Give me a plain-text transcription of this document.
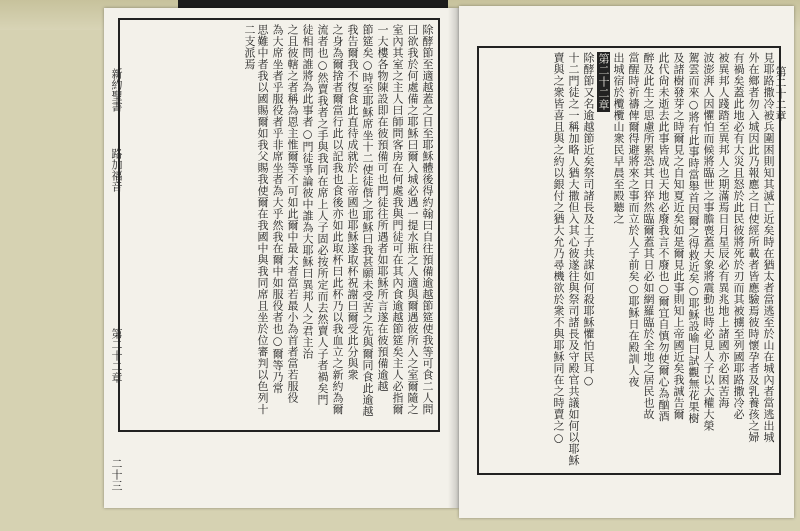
除酵節至適越蓋之日至耶穌體後得約翰曰自往預備逾越節筵使我等可食二人問
曰欲我於何處備之耶穌曰爾入城必遇一提水瓶之人適與爾遇彼所入之室爾隨之
室內其室之主人曰師問客房在何處我與門徒可在其內食逾越節筵矣主人必指爾
一大樓各物陳設即在彼預備可也門徒往所遇者如耶穌所言遂在彼預備逾越
節筵矣○時至耶穌席坐十二使徒偕之耶穌曰我甚願未受苦之先與爾同食此逾越
我告爾我不復食此直待成就於上帝國也耶穌遂取杯祝謝曰爾受此分與衆
之身為爾捨者爾當行此以記我也食後亦如此取杯曰此杯乃以我血立之新約為爾
流者也○然賣我者之手與我同在席上人子固必按所定而去然賣人子者禍矣門
徒相問誰將為此事者○門徒爭論彼中誰為大耶穌曰異邦人之君主治
之且彼轄之者稱為恩主惟爾等不可如此爾中最大者當若最小為首者當若服役
為大席坐者乎服役者乎非席坐者為大乎然我在爾中如服役者也○爾等乃常
思難中者我以國賜爾如我父賜我使爾在我國中與我同席且坐於位審判以色列十二支派焉
新約聖書
路加福音
第二十二章
二十三
第二十二章
見耶路撒冷被兵圍困則知其滅亡近矣時在猶太者當逃至於山在城內者當逃出城
外在鄉者勿入城因此乃報應之日使經所載者皆應驗焉彼時懷孕者及乳養孩之婦
有禍矣蓋此地必有大災且怒於此民彼將死於刃而其被擄至列國耶路撒冷必
被異邦人踐踏至異邦人之期滿焉日月星辰必有異兆地上諸國亦必困苦海
波澎湃人因懼怕而候將臨世之事膽喪蓋天象將震動也時必見人子以大權大榮
駕雲而來○將有此事時當舉首因爾之得救近矣○耶穌設喻曰試觀無花果樹
及諸樹發芽之時爾見之自知夏近矣如是爾見此事則知上帝國近矣我誠告爾
此代尙未逝去此事皆成也天地必廢我言不廢也○爾宜自慎勿使爾心為酗酒
醉及此生之思慮所累恐其日猝然臨爾蓋其日必如網羅臨於全地之居民也故
當醒時祈禱俾爾得避將來之事而立於人子前矣○耶穌日在殿訓人夜
出城宿於欖欖山衆民早晨至殿聽之
第二十二章
除酵節又名逾越節近矣祭司諸長及士子共謀如何殺耶穌懼怕民耳○
十二門徒之一稱加略人猶大撒但入其心彼遂往與祭司諸長及守殿官共議如何以耶穌
賣與之衆皆喜且與之約以銀付之猶大允乃尋機欲於衆不與耶穌同在之時賣之○
